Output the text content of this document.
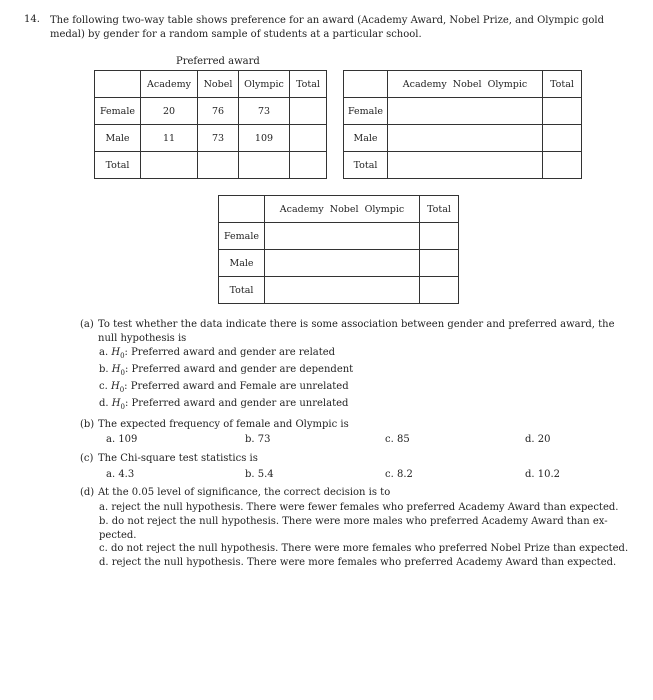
14. The following two-way table shows preference for an award (Academy Award, Nobel Prize, and Olympic gold
medal) by gender for a random sample of students at a particular school.
Preferred award
	Academy	Nobel	Olympic	Total
Female	20	76	73	
Male	11	73	109	
Total				
	Academy Nobel Olympic	Total
Female		
Male		
Total		
	Academy Nobel Olympic	Total
Female		
Male		
Total		
(a) To test whether the data indicate there is some association between gender and preferred award, the
null hypothesis is
a. $H_0$: Preferred award and gender are related
b. $H_0$: Preferred award and gender are dependent
c. $H_0$: Preferred award and Female are unrelated
d. $H_0$: Preferred award and gender are unrelated
(b) The expected frequency of female and Olympic is
a. 109	b. 73	c. 85	d. 20
(c) The Chi-square test statistics is
a. 4.3	b. 5.4	c. 8.2	d. 10.2
(d) At the 0.05 level of significance, the correct decision is to
a. reject the null hypothesis. There were fewer females who preferred Academy Award than expected.
b. do not reject the null hypothesis. There were more males who preferred Academy Award than ex-
pected.
c. do not reject the null hypothesis. There were more females who preferred Nobel Prize than expected.
d. reject the null hypothesis. There were more females who preferred Academy Award than expected.
